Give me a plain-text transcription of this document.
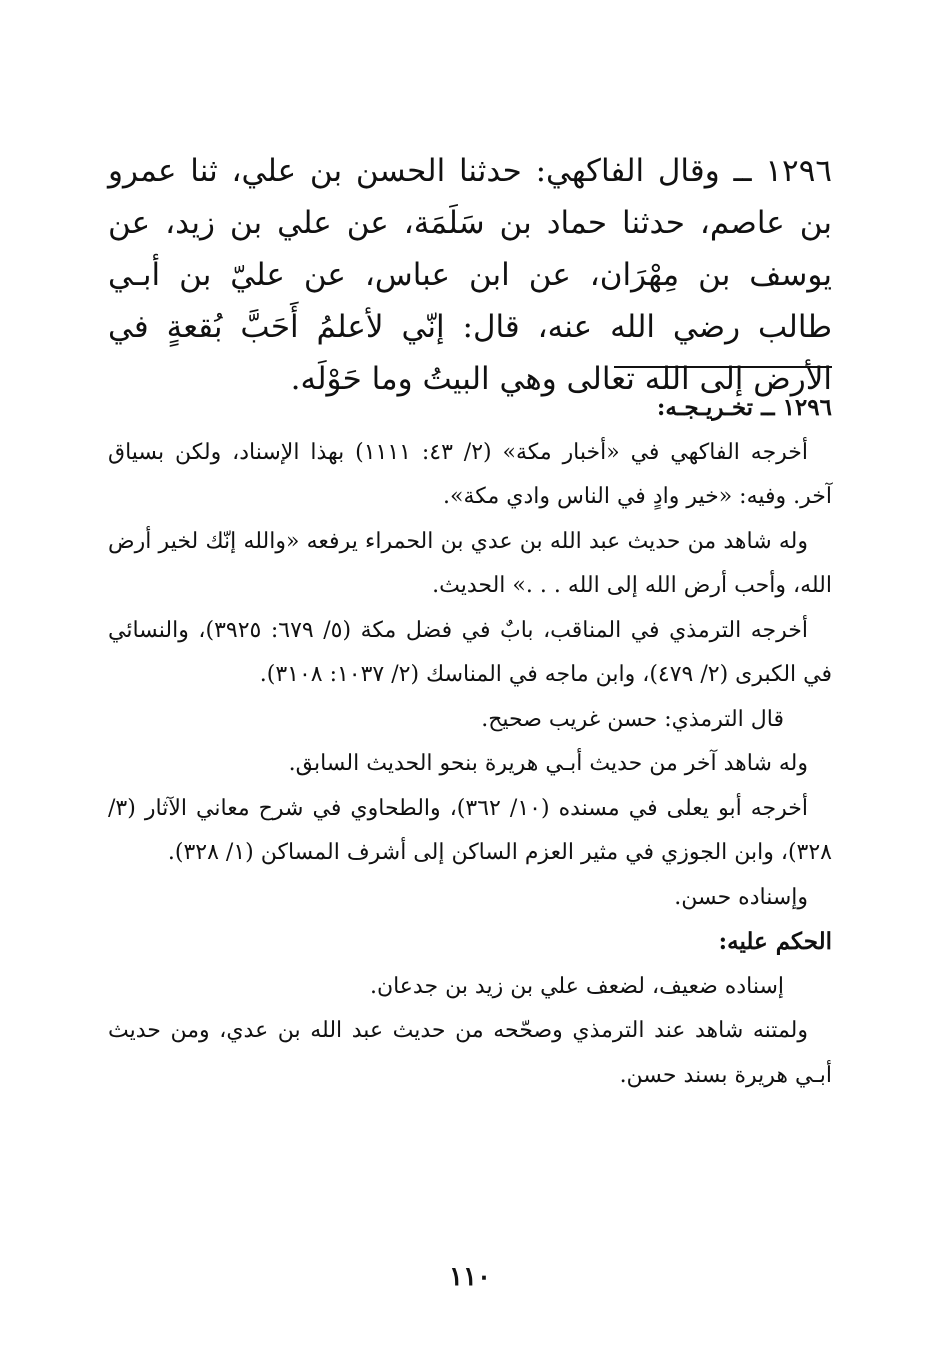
١٢٩٦ ــ وقال الفاكهي: حدثنا الحسن بن علي، ثنا عمرو بن عاصم، حدثنا حماد بن سَلَمَة، عن علي بن زيد، عن يوسف بن مِهْرَان، عن ابن عباس، عن عليّ بن أبـي طالب رضي الله عنه، قال: إنّي لأعلمُ أَحَبَّ بُقعةٍ في الأرض إلى الله تعالى وهي البيتُ وما حَوْلَه.

١٢٩٦ ــ تخـريـجـه:

أخرجه الفاكهي في «أخبار مكة» (٢/ ٤٣: ١١١١) بهذا الإسناد، ولكن بسياق آخر. وفيه: «خير وادٍ في الناس وادي مكة».

وله شاهد من حديث عبد الله بن عدي بن الحمراء يرفعه «والله إنّك لخير أرض الله، وأحب أرض الله إلى الله . . .» الحديث.

أخرجه الترمذي في المناقب، بابٌ في فضل مكة (٥/ ٦٧٩: ٣٩٢٥)، والنسائي في الكبرى (٢/ ٤٧٩)، وابن ماجه في المناسك (٢/ ١٠٣٧: ٣١٠٨).

قال الترمذي: حسن غريب صحيح.

وله شاهد آخر من حديث أبـي هريرة بنحو الحديث السابق.

أخرجه أبو يعلى في مسنده (١٠/ ٣٦٢)، والطحاوي في شرح معاني الآثار (٣/ ٣٢٨)، وابن الجوزي في مثير العزم الساكن إلى أشرف المساكن (١/ ٣٢٨).

وإسناده حسن.

الحكم عليه:

إسناده ضعيف، لضعف علي بن زيد بن جدعان.

ولمتنه شاهد عند الترمذي وصحّحه من حديث عبد الله بن عدي، ومن حديث أبـي هريرة بسند حسن.

١١٠
